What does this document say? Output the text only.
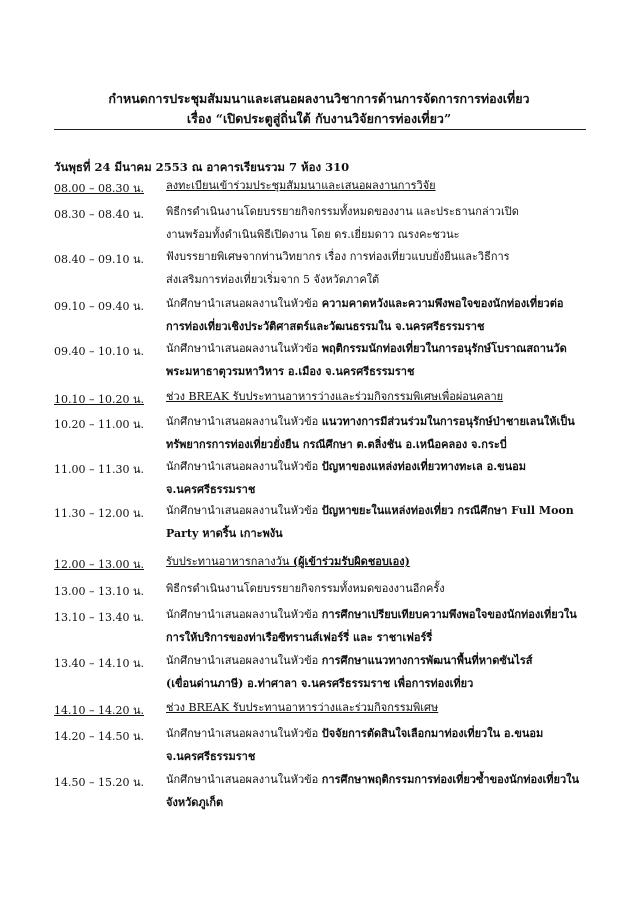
กำหนดการประชุมสัมมนาและเสนอผลงานวิชาการด้านการจัดการการท่องเที่ยว
เรื่อง “เปิดประตูสู่ถิ่นใต้ กับงานวิจัยการท่องเที่ยว”
วันพุธที่ 24 มีนาคม 2553 ณ อาคารเรียนรวม 7 ห้อง 310
08.00 – 08.30 น. ลงทะเบียนเข้าร่วมประชุมสัมมนาและเสนอผลงานการวิจัย
08.30 – 08.40 น. พิธีกรดำเนินงานโดยบรรยายกิจกรรมทั้งหมดของงาน และประธานกล่าวเปิด
งานพร้อมทั้งดำเนินพิธีเปิดงาน โดย ดร.เยี่ยมดาว ณรงคะชวนะ
08.40 – 09.10 น. ฟังบรรยายพิเศษจากท่านวิทยากร เรื่อง การท่องเที่ยวแบบยั่งยืนและวิธีการ
ส่งเสริมการท่องเที่ยวเริ่มจาก 5 จังหวัดภาคใต้
09.10 – 09.40 น. นักศึกษานำเสนอผลงานในหัวข้อ ความคาดหวังและความพึงพอใจของนักท่องเที่ยวต่อ
การท่องเที่ยวเชิงประวัติศาสตร์และวัฒนธรรมใน จ.นครศรีธรรมราช
09.40 – 10.10 น. นักศึกษานำเสนอผลงานในหัวข้อ พฤติกรรมนักท่องเที่ยวในการอนุรักษ์โบราณสถานวัด
พระมหาธาตุวรมหาวิหาร อ.เมือง จ.นครศรีธรรมราช
10.10 – 10.20 น. ช่วง BREAK รับประทานอาหารว่างและร่วมกิจกรรมพิเศษเพื่อผ่อนคลาย
10.20 – 11.00 น. นักศึกษานำเสนอผลงานในหัวข้อ แนวทางการมีส่วนร่วมในการอนุรักษ์ป่าชายเลนให้เป็น
ทรัพยากรการท่องเที่ยวยั่งยืน กรณีศึกษา ต.ตลิ่งชัน อ.เหนือคลอง จ.กระบี่
11.00 – 11.30 น. นักศึกษานำเสนอผลงานในหัวข้อ ปัญหาของแหล่งท่องเที่ยวทางทะเล อ.ขนอม
จ.นครศรีธรรมราช
11.30 – 12.00 น. นักศึกษานำเสนอผลงานในหัวข้อ ปัญหาขยะในแหล่งท่องเที่ยว กรณีศึกษา Full Moon
Party หาดริ้น เกาะพงัน
12.00 – 13.00 น. รับประทานอาหารกลางวัน (ผู้เข้าร่วมรับผิดชอบเอง)
13.00 – 13.10 น. พิธีกรดำเนินงานโดยบรรยายกิจกรรมทั้งหมดของงานอีกครั้ง
13.10 – 13.40 น. นักศึกษานำเสนอผลงานในหัวข้อ การศึกษาเปรียบเทียบความพึงพอใจของนักท่องเที่ยวใน
การให้บริการของท่าเรือซีทรานส์เฟอร์รี่ และ ราชาเฟอร์รี่
13.40 – 14.10 น. นักศึกษานำเสนอผลงานในหัวข้อ การศึกษาแนวทางการพัฒนาพื้นที่หาดซันไรส์
(เขื่อนด่านภาษี) อ.ท่าศาลา จ.นครศรีธรรมราช เพื่อการท่องเที่ยว
14.10 – 14.20 น. ช่วง BREAK รับประทานอาหารว่างและร่วมกิจกรรมพิเศษ
14.20 – 14.50 น. นักศึกษานำเสนอผลงานในหัวข้อ ปัจจัยการตัดสินใจเลือกมาท่องเที่ยวใน อ.ขนอม
จ.นครศรีธรรมราช
14.50 – 15.20 น. นักศึกษานำเสนอผลงานในหัวข้อ การศึกษาพฤติกรรมการท่องเที่ยวซ้ำของนักท่องเที่ยวใน
จังหวัดภูเก็ต
